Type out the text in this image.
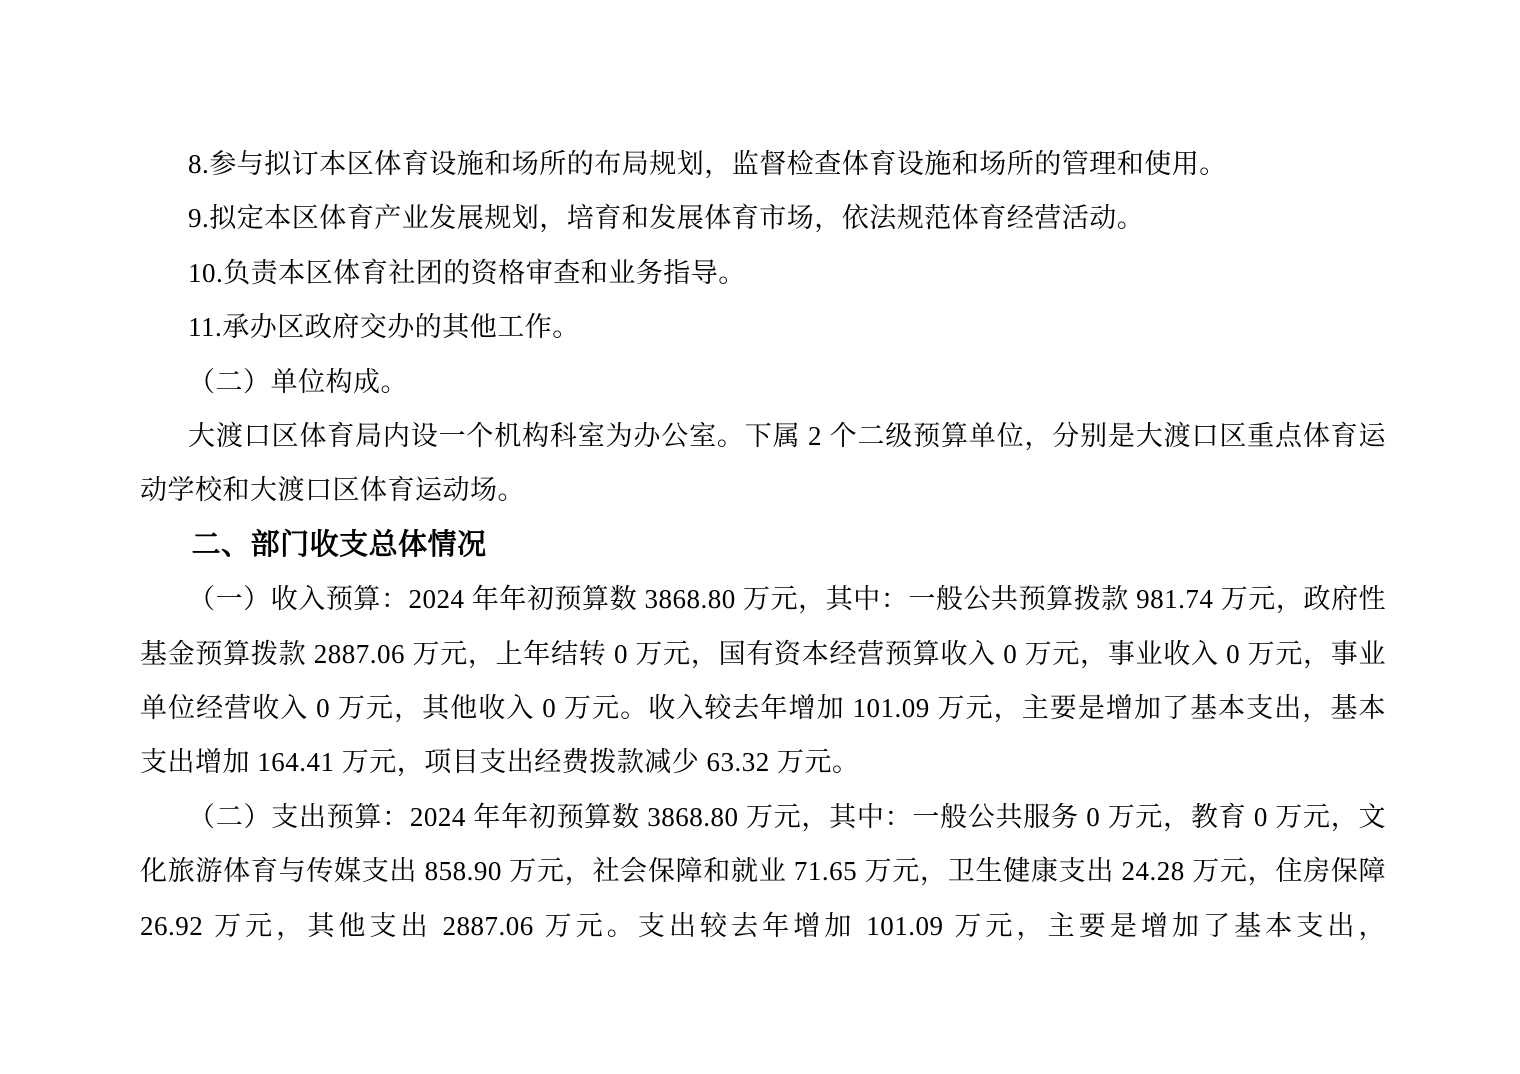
8.参与拟订本区体育设施和场所的布局规划，监督检查体育设施和场所的管理和使用。

9.拟定本区体育产业发展规划，培育和发展体育市场，依法规范体育经营活动。

10.负责本区体育社团的资格审查和业务指导。

11.承办区政府交办的其他工作。

（二）单位构成。

大渡口区体育局内设一个机构科室为办公室。下属 2 个二级预算单位，分别是大渡口区重点体育运动学校和大渡口区体育运动场。

二、部门收支总体情况

（一）收入预算：2024 年年初预算数 3868.80 万元，其中：一般公共预算拨款 981.74 万元，政府性基金预算拨款 2887.06 万元，上年结转 0 万元，国有资本经营预算收入 0 万元，事业收入 0 万元，事业单位经营收入 0 万元，其他收入 0 万元。收入较去年增加 101.09 万元，主要是增加了基本支出，基本支出增加 164.41 万元，项目支出经费拨款减少 63.32 万元。

（二）支出预算：2024 年年初预算数 3868.80 万元，其中：一般公共服务 0 万元，教育 0 万元，文化旅游体育与传媒支出 858.90 万元，社会保障和就业 71.65 万元，卫生健康支出 24.28 万元，住房保障 26.92 万元，其他支出 2887.06 万元。支出较去年增加 101.09 万元，主要是增加了基本支出，
